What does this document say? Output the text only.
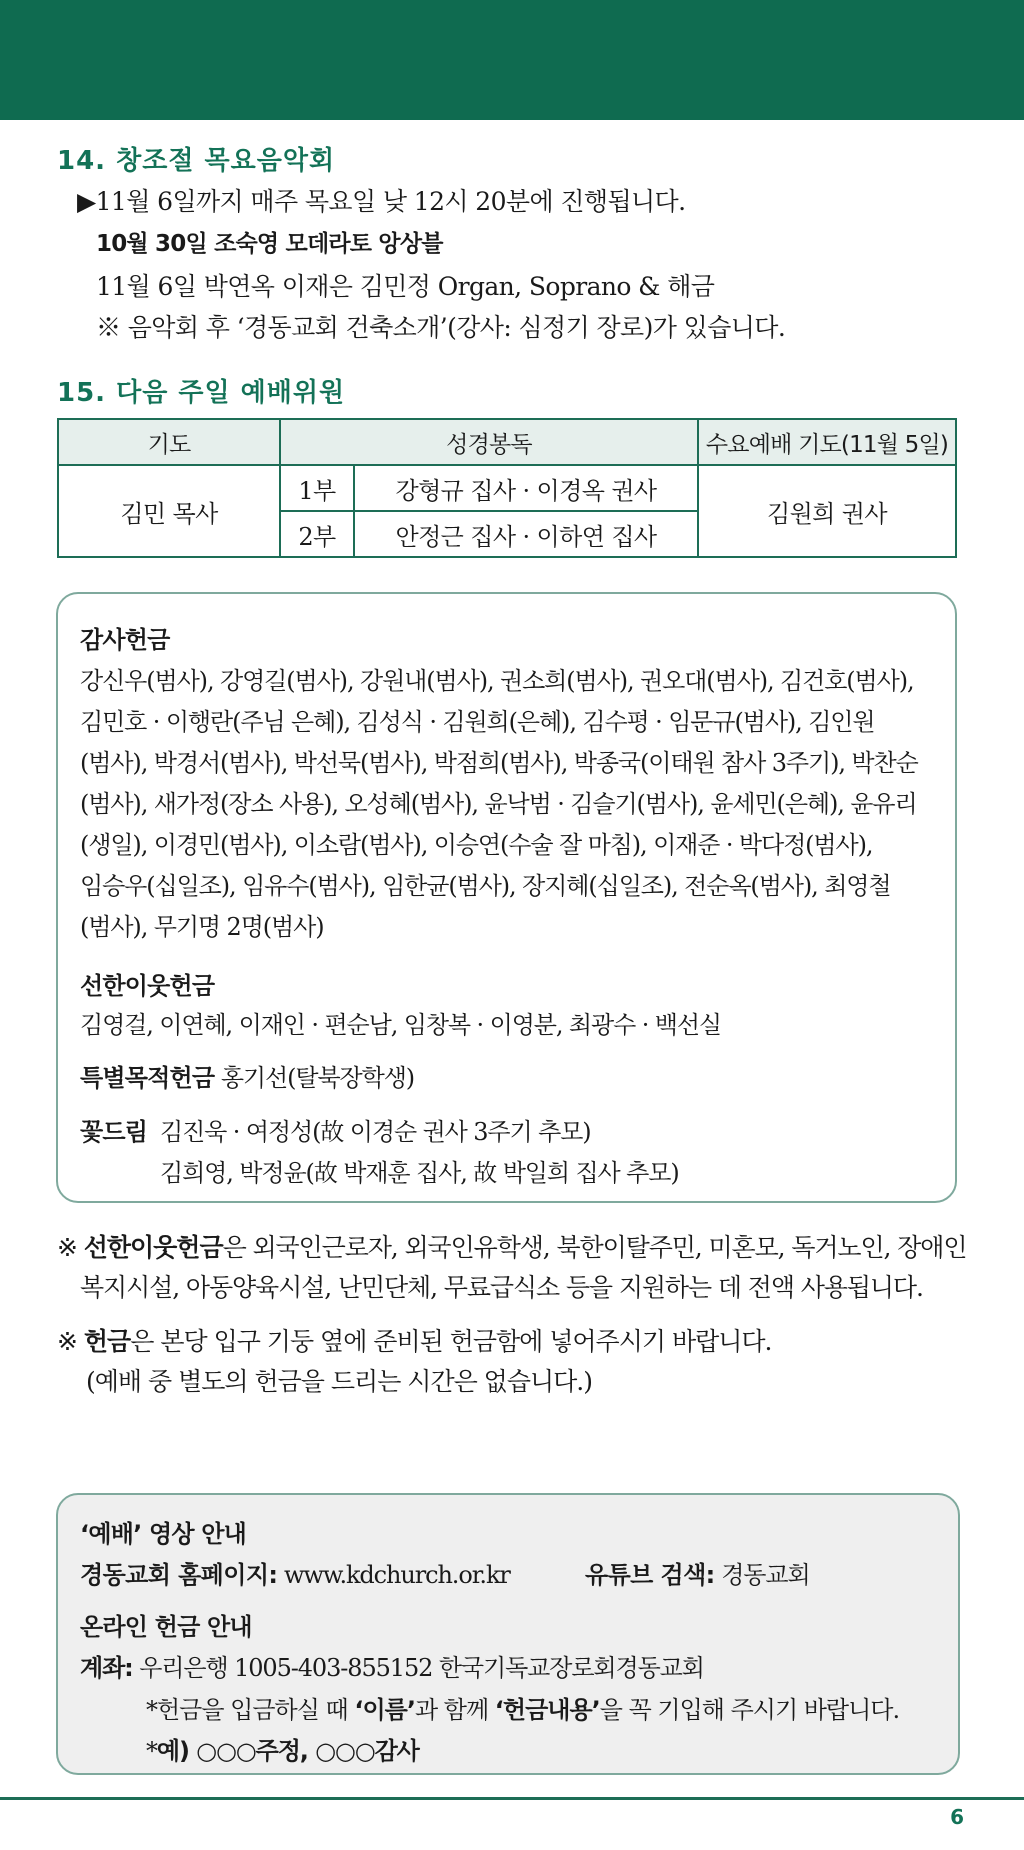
14. 창조절 목요음악회
▶11월 6일까지 매주 목요일 낮 12시 20분에 진행됩니다.
10월 30일 조숙영 모데라토 앙상블
11월 6일 박연옥 이재은 김민정 Organ, Soprano & 해금
※ 음악회 후 ‘경동교회 건축소개’(강사: 심정기 장로)가 있습니다.
15. 다음 주일 예배위원
기도	성경봉독		수요예배 기도(11월 5일)
김민 목사	1부	강형규 집사 · 이경옥 권사	김원희 권사
	2부	안정근 집사 · 이하연 집사	
감사헌금
강신우(범사), 강영길(범사), 강원내(범사), 권소희(범사), 권오대(범사), 김건호(범사),
김민호 · 이행란(주님 은혜), 김성식 · 김원희(은혜), 김수평 · 임문규(범사), 김인원
(범사), 박경서(범사), 박선묵(범사), 박점희(범사), 박종국(이태원 참사 3주기), 박찬순
(범사), 새가정(장소 사용), 오성혜(범사), 윤낙범 · 김슬기(범사), 윤세민(은혜), 윤유리
(생일), 이경민(범사), 이소람(범사), 이승연(수술 잘 마침), 이재준 · 박다정(범사),
임승우(십일조), 임유수(범사), 임한균(범사), 장지혜(십일조), 전순옥(범사), 최영철
(범사), 무기명 2명(범사)
선한이웃헌금
김영걸, 이연혜, 이재인 · 편순남, 임창복 · 이영분, 최광수 · 백선실
특별목적헌금 홍기선(탈북장학생)
꽃드림 김진욱 · 여정성(故 이경순 권사 3주기 추모)
김희영, 박정윤(故 박재훈 집사, 故 박일희 집사 추모)
※ 선한이웃헌금은 외국인근로자, 외국인유학생, 북한이탈주민, 미혼모, 독거노인, 장애인
복지시설, 아동양육시설, 난민단체, 무료급식소 등을 지원하는 데 전액 사용됩니다.
※ 헌금은 본당 입구 기둥 옆에 준비된 헌금함에 넣어주시기 바랍니다.
(예배 중 별도의 헌금을 드리는 시간은 없습니다.)
‘예배’ 영상 안내
경동교회 홈페이지: www.kdchurch.or.kr	유튜브 검색: 경동교회
온라인 헌금 안내
계좌: 우리은행 1005-403-855152 한국기독교장로회경동교회
*헌금을 입금하실 때 ‘이름’과 함께 ‘헌금내용’을 꼭 기입해 주시기 바랍니다.
*예) ○○○주정, ○○○감사
6
